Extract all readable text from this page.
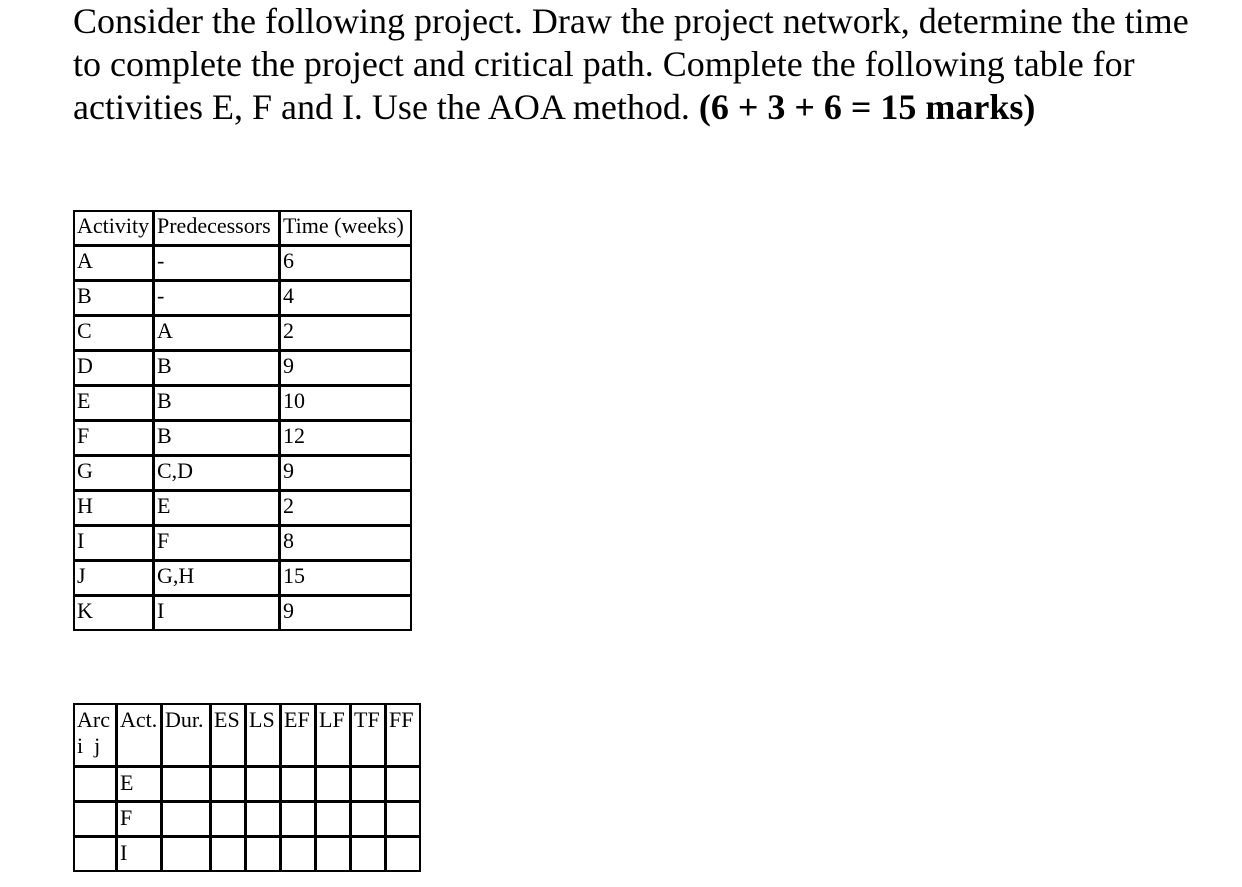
Consider the following project. Draw the project network, determine the time to complete the project and critical path. Complete the following table for activities E, F and I. Use the AOA method. (6 + 3 + 6 = 15 marks)

Activity	Predecessors	Time (weeks)
A	-	6
B	-	4
C	A	2
D	B	9
E	B	10
F	B	12
G	C,D	9
H	E	2
I	F	8
J	G,H	15
K	I	9
Arc
i  j	Act.	Dur.	ES	LS	EF	LF	TF	FF
	E							
	F							
	I							
